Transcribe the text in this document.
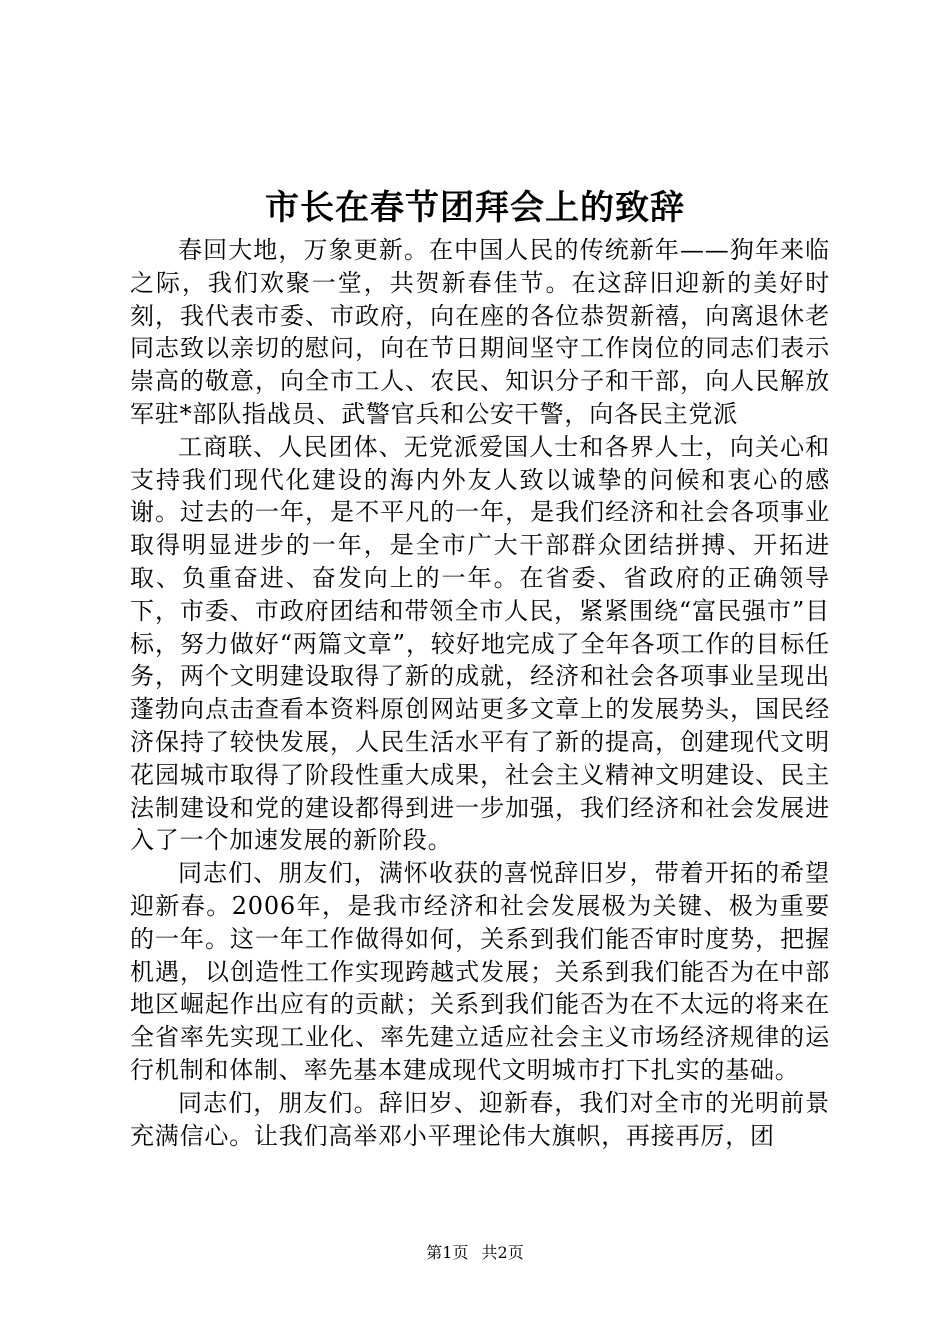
市长在春节团拜会上的致辞

春回大地，万象更新。在中国人民的传统新年——狗年来临之际，我们欢聚一堂，共贺新春佳节。在这辞旧迎新的美好时刻，我代表市委、市政府，向在座的各位恭贺新禧，向离退休老同志致以亲切的慰问，向在节日期间坚守工作岗位的同志们表示崇高的敬意，向全市工人、农民、知识分子和干部，向人民解放军驻*部队指战员、武警官兵和公安干警，向各民主党派

工商联、人民团体、无党派爱国人士和各界人士，向关心和支持我们现代化建设的海内外友人致以诚挚的问候和衷心的感谢。过去的一年，是不平凡的一年，是我们经济和社会各项事业取得明显进步的一年，是全市广大干部群众团结拼搏、开拓进取、负重奋进、奋发向上的一年。在省委、省政府的正确领导下，市委、市政府团结和带领全市人民，紧紧围绕“富民强市”目标，努力做好“两篇文章”，较好地完成了全年各项工作的目标任务，两个文明建设取得了新的成就，经济和社会各项事业呈现出蓬勃向点击查看本资料原创网站更多文章上的发展势头，国民经济保持了较快发展，人民生活水平有了新的提高，创建现代文明花园城市取得了阶段性重大成果，社会主义精神文明建设、民主法制建设和党的建设都得到进一步加强，我们经济和社会发展进入了一个加速发展的新阶段。

同志们、朋友们，满怀收获的喜悦辞旧岁，带着开拓的希望迎新春。2006年，是我市经济和社会发展极为关键、极为重要的一年。这一年工作做得如何，关系到我们能否审时度势，把握机遇，以创造性工作实现跨越式发展；关系到我们能否为在中部地区崛起作出应有的贡献；关系到我们能否为在不太远的将来在全省率先实现工业化、率先建立适应社会主义市场经济规律的运行机制和体制、率先基本建成现代文明城市打下扎实的基础。

同志们，朋友们。辞旧岁、迎新春，我们对全市的光明前景充满信心。让我们高举邓小平理论伟大旗帜，再接再厉，团

第1页 共2页
